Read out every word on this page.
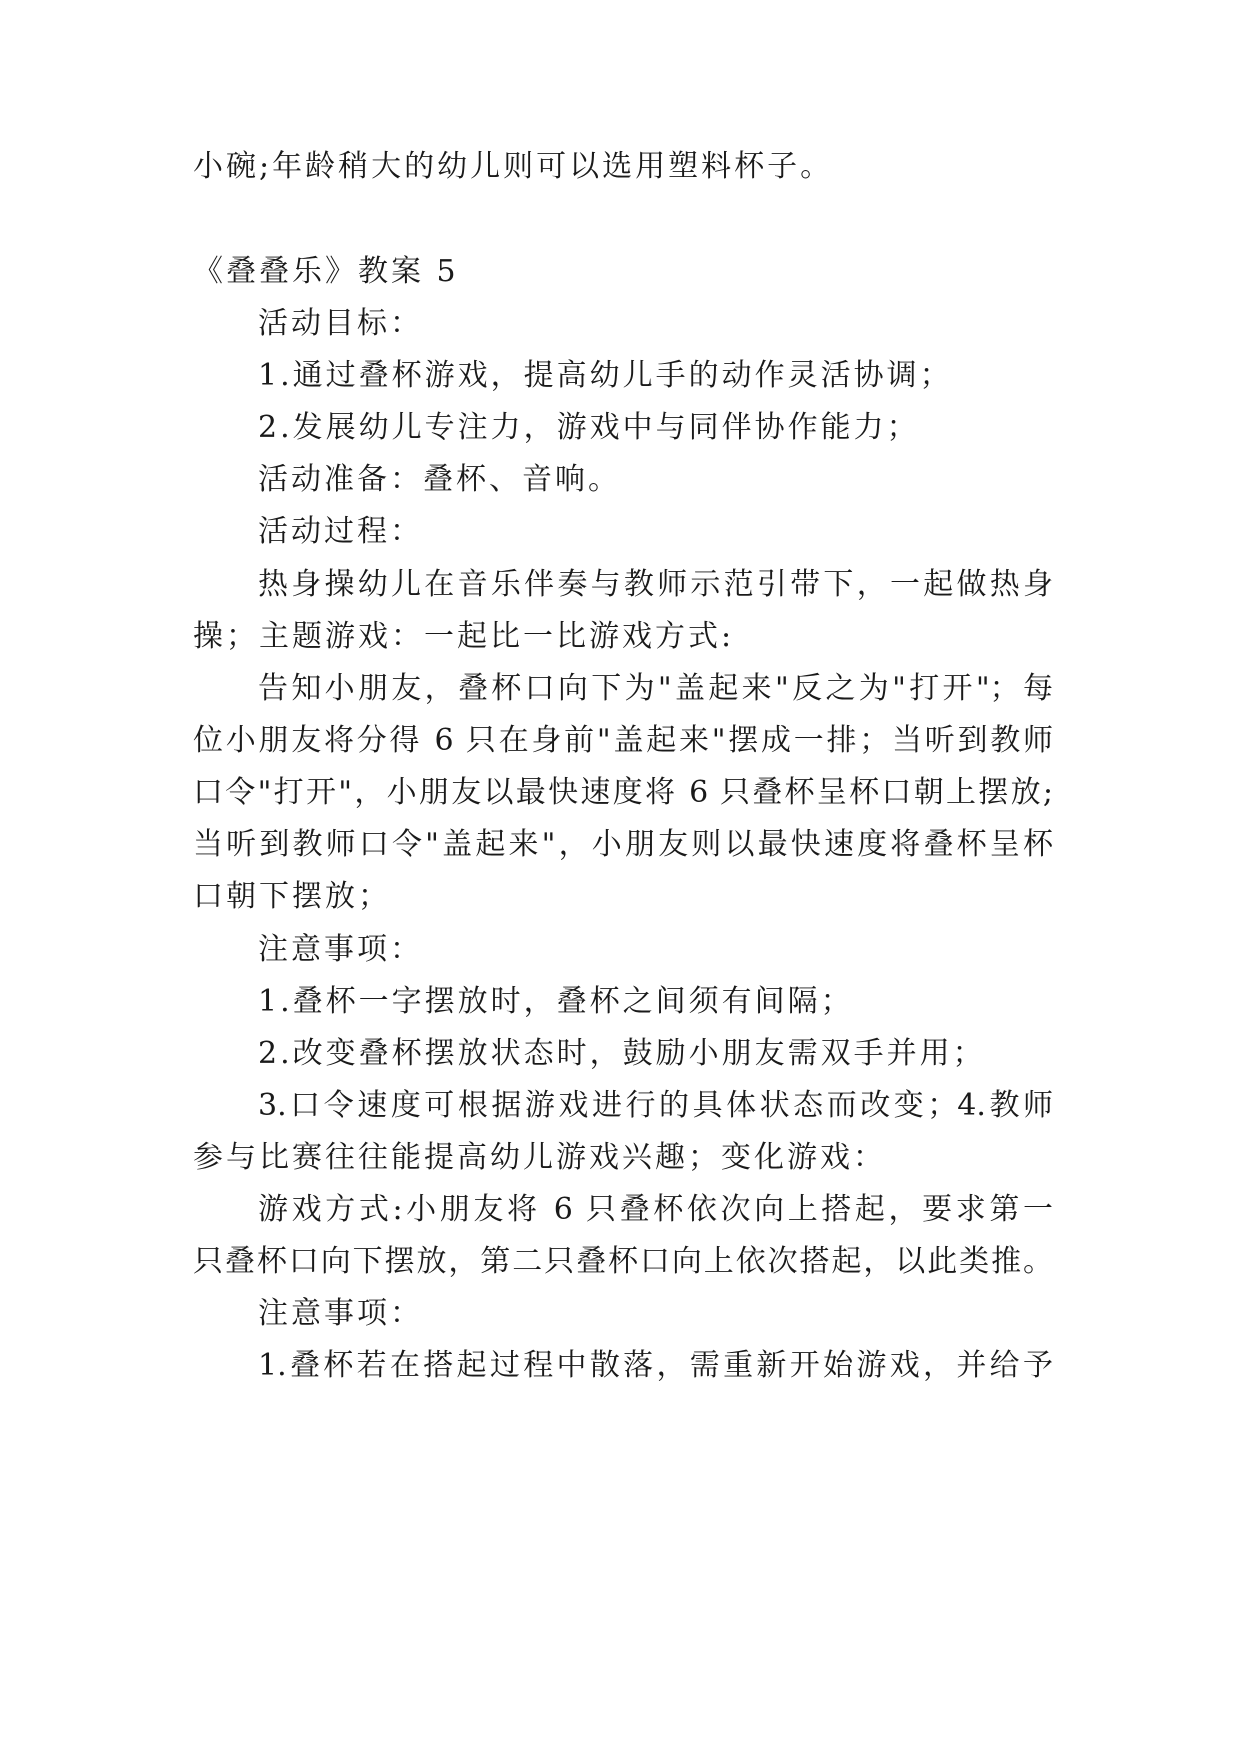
小碗;年龄稍大的幼儿则可以选用塑料杯子。
《叠叠乐》教案 5
活动目标：
1.通过叠杯游戏，提高幼儿手的动作灵活协调；
2.发展幼儿专注力，游戏中与同伴协作能力；
活动准备：叠杯、音响。
活动过程：
热身操幼儿在音乐伴奏与教师示范引带下，一起做热身
操；主题游戏：一起比一比游戏方式:
告知小朋友，叠杯口向下为"盖起来"反之为"打开"；每
位小朋友将分得 6 只在身前"盖起来"摆成一排；当听到教师
口令"打开"，小朋友以最快速度将 6 只叠杯呈杯口朝上摆放;
当听到教师口令"盖起来"，小朋友则以最快速度将叠杯呈杯
口朝下摆放；
注意事项：
1.叠杯一字摆放时，叠杯之间须有间隔；
2.改变叠杯摆放状态时，鼓励小朋友需双手并用；
3.口令速度可根据游戏进行的具体状态而改变；4.教师
参与比赛往往能提高幼儿游戏兴趣；变化游戏：
游戏方式:小朋友将 6 只叠杯依次向上搭起，要求第一
只叠杯口向下摆放，第二只叠杯口向上依次搭起，以此类推。
注意事项：
1.叠杯若在搭起过程中散落，需重新开始游戏，并给予
